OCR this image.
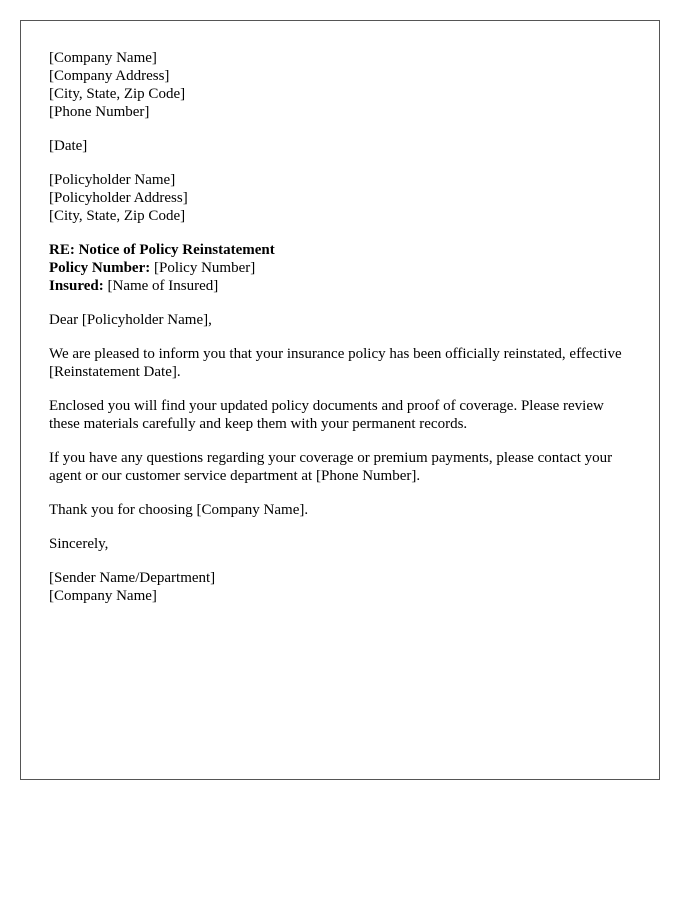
[Company Name]
[Company Address]
[City, State, Zip Code]
[Phone Number]
[Date]
[Policyholder Name]
[Policyholder Address]
[City, State, Zip Code]
RE: Notice of Policy Reinstatement
Policy Number: [Policy Number]
Insured: [Name of Insured]

Dear [Policyholder Name],

We are pleased to inform you that your insurance policy has been officially reinstated, effective [Reinstatement Date].

Enclosed you will find your updated policy documents and proof of coverage. Please review these materials carefully and keep them with your permanent records.

If you have any questions regarding your coverage or premium payments, please contact your agent or our customer service department at [Phone Number].

Thank you for choosing [Company Name].

Sincerely,

[Sender Name/Department]
[Company Name]
